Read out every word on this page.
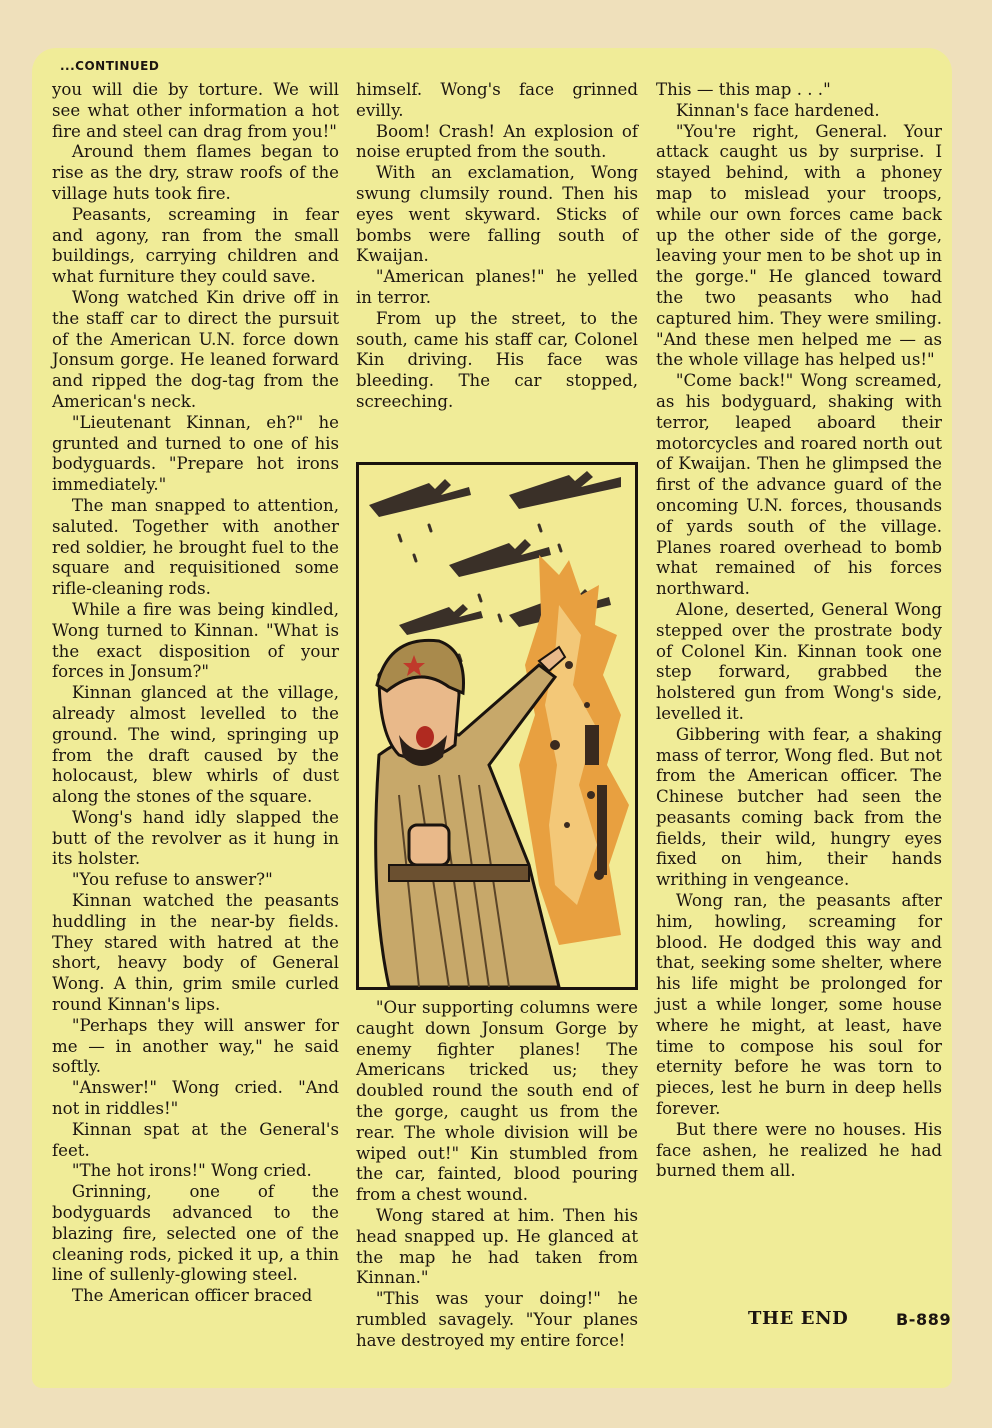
...CONTINUED

you will die by torture. We will see what other information a hot fire and steel can drag from you!"

Around them flames began to rise as the dry, straw roofs of the village huts took fire.

Peasants, screaming in fear and agony, ran from the small buildings, carrying children and what furniture they could save.

Wong watched Kin drive off in the staff car to direct the pursuit of the American U.N. force down Jonsum gorge. He leaned forward and ripped the dog-tag from the American's neck.

"Lieutenant Kinnan, eh?" he grunted and turned to one of his bodyguards. "Prepare hot irons immediately."

The man snapped to attention, saluted. Together with another red soldier, he brought fuel to the square and requisitioned some rifle-cleaning rods.

While a fire was being kindled, Wong turned to Kinnan. "What is the exact disposition of your forces in Jonsum?"

Kinnan glanced at the village, already almost levelled to the ground. The wind, springing up from the draft caused by the holocaust, blew whirls of dust along the stones of the square.

Wong's hand idly slapped the butt of the revolver as it hung in its holster.

"You refuse to answer?"

Kinnan watched the peasants huddling in the near-by fields. They stared with hatred at the short, heavy body of General Wong. A thin, grim smile curled round Kinnan's lips.

"Perhaps they will answer for me — in another way," he said softly.

"Answer!" Wong cried. "And not in riddles!"

Kinnan spat at the General's feet.

"The hot irons!" Wong cried.

Grinning, one of the bodyguards advanced to the blazing fire, selected one of the cleaning rods, picked it up, a thin line of sullenly-glowing steel.

The American officer braced

himself. Wong's face grinned evilly.

Boom! Crash! An explosion of noise erupted from the south.

With an exclamation, Wong swung clumsily round. Then his eyes went skyward. Sticks of bombs were falling south of Kwaijan.

"American planes!" he yelled in terror.

From up the street, to the south, came his staff car, Colonel Kin driving. His face was bleeding. The car stopped, screeching.

"Our supporting columns were caught down Jonsum Gorge by enemy fighter planes! The Americans tricked us; they doubled round the south end of the gorge, caught us from the rear. The whole division will be wiped out!" Kin stumbled from the car, fainted, blood pouring from a chest wound.

Wong stared at him. Then his head snapped up. He glanced at the map he had taken from Kinnan."

"This was your doing!" he rumbled savagely. "Your planes have destroyed my entire force!

This — this map . . ."

Kinnan's face hardened.

"You're right, General. Your attack caught us by surprise. I stayed behind, with a phoney map to mislead your troops, while our own forces came back up the other side of the gorge, leaving your men to be shot up in the gorge." He glanced toward the two peasants who had captured him. They were smiling. "And these men helped me — as the whole village has helped us!"

"Come back!" Wong screamed, as his bodyguard, shaking with terror, leaped aboard their motorcycles and roared north out of Kwaijan. Then he glimpsed the first of the advance guard of the oncoming U.N. forces, thousands of yards south of the village. Planes roared overhead to bomb what remained of his forces northward.

Alone, deserted, General Wong stepped over the prostrate body of Colonel Kin. Kinnan took one step forward, grabbed the holstered gun from Wong's side, levelled it.

Gibbering with fear, a shaking mass of terror, Wong fled. But not from the American officer. The Chinese butcher had seen the peasants coming back from the fields, their wild, hungry eyes fixed on him, their hands writhing in vengeance.

Wong ran, the peasants after him, howling, screaming for blood. He dodged this way and that, seeking some shelter, where his life might be prolonged for just a while longer, some house where he might, at least, have time to compose his soul for eternity before he was torn to pieces, lest he burn in deep hells forever.

But there were no houses. His face ashen, he realized he had burned them all.

THE END	B-889
